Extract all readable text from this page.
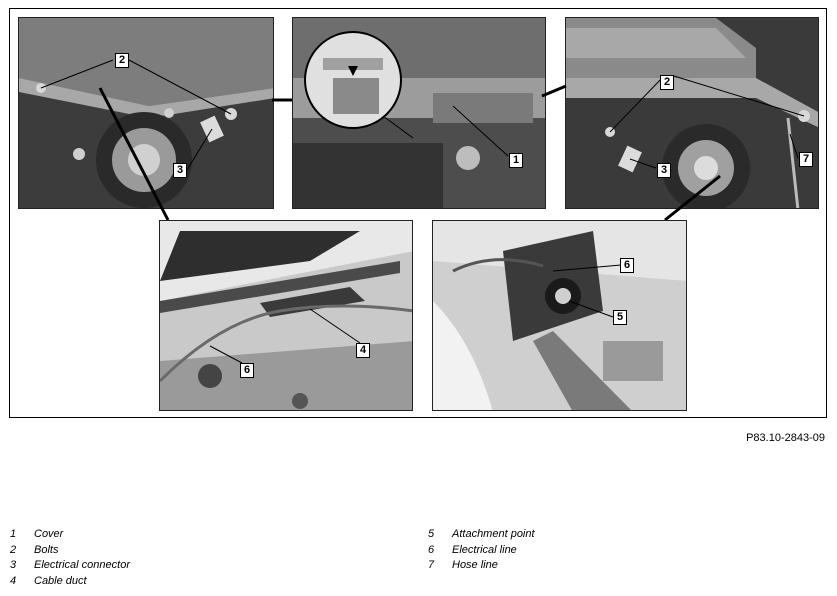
2
3
1
2
3
7
4
6
6
5
P83.10-2843-09
1	Cover
2	Bolts
3	Electrical connector
4	Cable duct
5	Attachment point
6	Electrical line
7	Hose line
